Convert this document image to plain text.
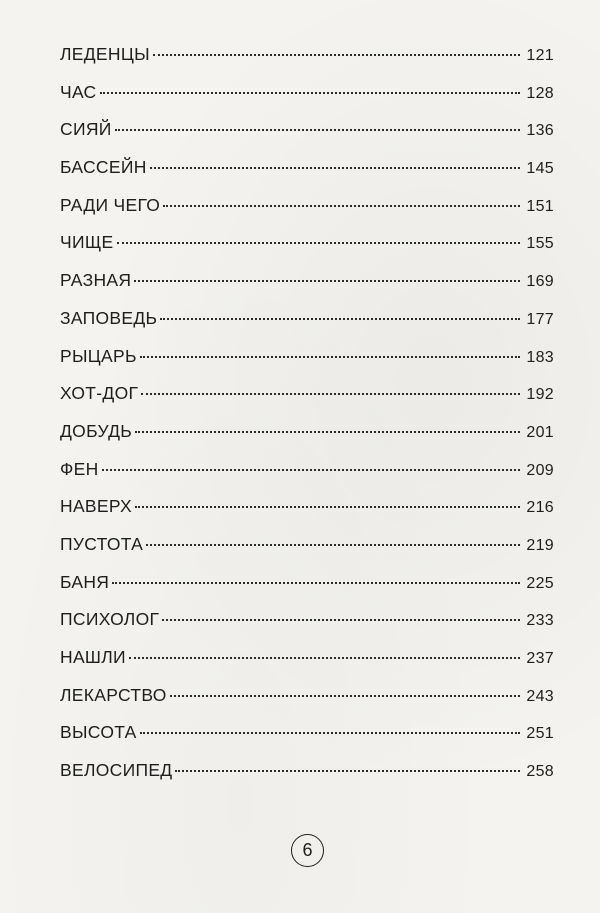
ЛЕДЕНЦЫ	121
ЧАС	128
СИЯЙ	136
БАССЕЙН	145
РАДИ ЧЕГО	151
ЧИЩЕ	155
РАЗНАЯ	169
ЗАПОВЕДЬ	177
РЫЦАРЬ	183
ХОТ-ДОГ	192
ДОБУДЬ	201
ФЕН	209
НАВЕРХ	216
ПУСТОТА	219
БАНЯ	225
ПСИХОЛОГ	233
НАШЛИ	237
ЛЕКАРСТВО	243
ВЫСОТА	251
ВЕЛОСИПЕД	258
6
